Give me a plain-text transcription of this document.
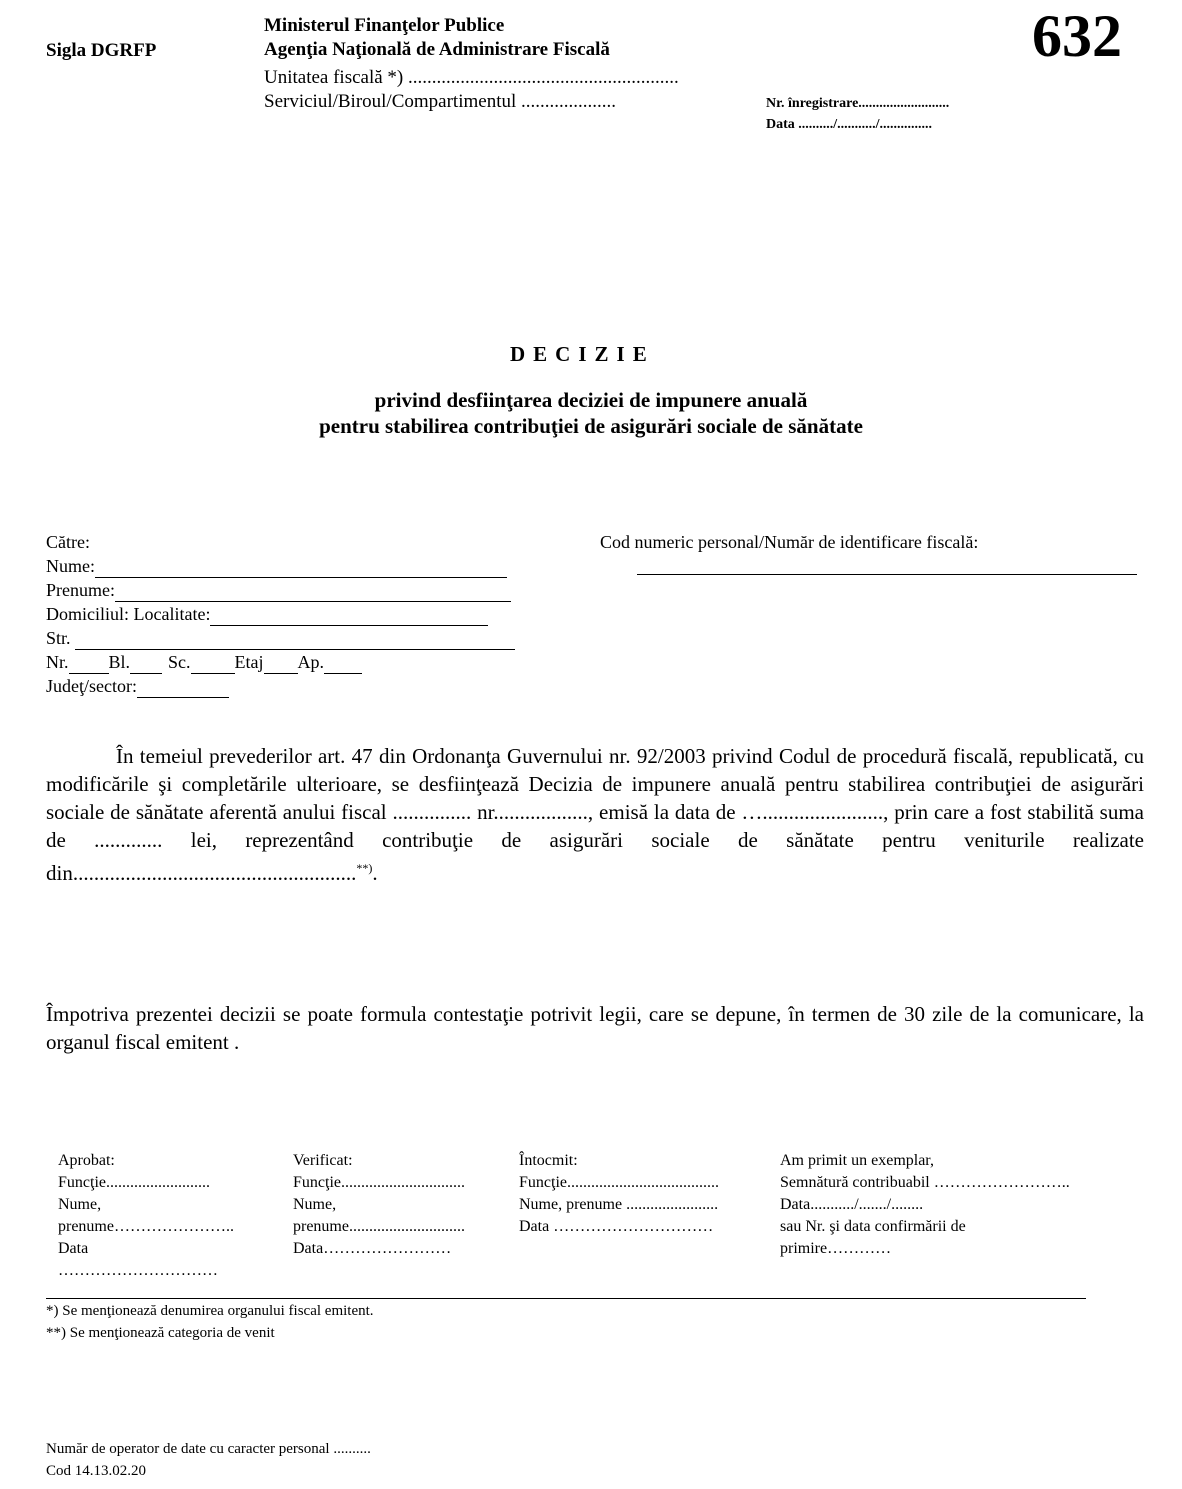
Sigla DGRFP
Ministerul Finanţelor Publice
Agenţia Naţională de Administrare Fiscală
Unitatea fiscală *) .........................................................
Serviciul/Biroul/Compartimentul ....................
632
Nr. înregistrare..........................
Data ........../.........../...............
DECIZIE
privind desfiinţarea deciziei de impunere anuală
pentru stabilirea contribuţiei de asigurări sociale de sănătate
Către:
Nume:
Prenume:
Domiciliul: Localitate:
Str.
Nr. Bl. Sc. Etaj Ap.
Judeţ/sector:
Cod numeric personal/Număr de identificare fiscală:
În temeiul prevederilor art. 47 din Ordonanţa Guvernului nr. 92/2003 privind Codul de procedură fiscală, republicată, cu modificările şi completările ulterioare, se desfiinţează Decizia de impunere anuală pentru stabilirea contribuţiei de asigurări sociale de sănătate aferentă anului fiscal ............... nr.................., emisă la data de …......................., prin care a fost stabilită suma de ............. lei, reprezentând contribuţie de asigurări sociale de sănătate pentru veniturile realizate din......................................................**).
Împotriva prezentei decizii se poate formula contestaţie potrivit legii, care se depune, în termen de 30 zile de la comunicare, la organul fiscal emitent .
Aprobat:
Funcţie..........................
Nume,
prenume…………………..
Data
…………………………
Verificat:
Funcţie...............................
Nume,
prenume.............................
Data……………………
Întocmit:
Funcţie......................................
Nume, prenume .......................
Data …………………………
Am primit un exemplar,
Semnătură contribuabil ……………………..
Data.........../......./........
sau Nr. şi data confirmării de
primire…………
*) Se menţionează denumirea organului fiscal emitent.
**) Se menţionează categoria de venit
Număr de operator de date cu caracter personal ..........
Cod 14.13.02.20
